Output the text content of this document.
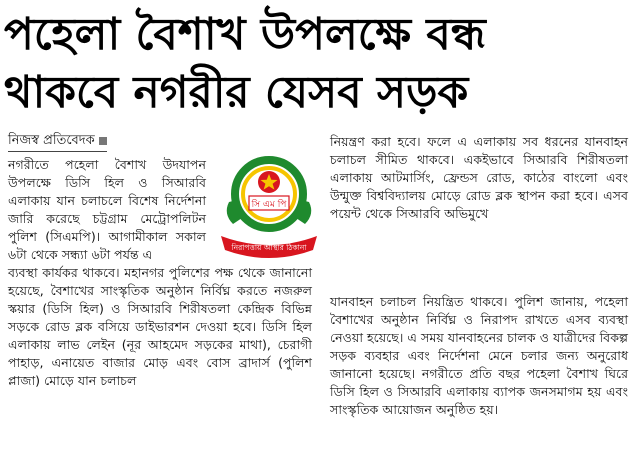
পহেলা বৈশাখ উপলক্ষে বন্ধ
থাকবে নগরীর যেসব সড়ক
নিজস্ব প্রতিবেদক
নগরীতে পহেলা বৈশাখ উদযাপন উপলক্ষে ডিসি হিল ও সিআরবি এলাকায় যান চলাচলে বিশেষ নির্দেশনা জারি করেছে চট্টগ্রাম মেট্রোপলিটন পুলিশ (সিএমপি)। আগামীকাল সকাল ৬টা থেকে সন্ধ্যা ৬টা পর্যন্ত এ
সি এম পি
নিরাপত্তায় আস্থার ঠিকানা
ব্যবস্থা কার্যকর থাকবে। মহানগর পুলিশের পক্ষ থেকে জানানো হয়েছে, বৈশাখের সাংস্কৃতিক অনুষ্ঠান নির্বিঘ্ন করতে নজরুল স্কয়ার (ডিসি হিল) ও সিআরবি শিরীষতলা কেন্দ্রিক বিভিন্ন সড়কে রোড ব্লক বসিয়ে ডাইভারশন দেওয়া হবে। ডিসি হিল এলাকায় লাভ লেইন (নূর আহমেদ সড়কের মাথা), চেরাগী পাহাড়, এনায়েত বাজার মোড় এবং বোস ব্রাদার্স (পুলিশ প্লাজা) মোড়ে যান চলাচল
নিয়ন্ত্রণ করা হবে। ফলে এ এলাকায় সব ধরনের যানবাহন চলাচল সীমিত থাকবে। একইভাবে সিআরবি শিরীষতলা এলাকায় আটমার্সিং, ফ্রেন্ডস রোড, কাঠের বাংলো এবং উন্মুক্ত বিশ্ববিদ্যালয় মোড়ে রোড ব্লক স্থাপন করা হবে। এসব পয়েন্ট থেকে সিআরবি অভিমুখে
যানবাহন চলাচল নিয়ন্ত্রিত থাকবে। পুলিশ জানায়, পহেলা বৈশাখের অনুষ্ঠান নির্বিঘ্ন ও নিরাপদ রাখতে এসব ব্যবস্থা নেওয়া হয়েছে। এ সময় যানবাহনের চালক ও যাত্রীদের বিকল্প সড়ক ব্যবহার এবং নির্দেশনা মেনে চলার জন্য অনুরোধ জানানো হয়েছে। নগরীতে প্রতি বছর পহেলা বৈশাখ ঘিরে ডিসি হিল ও সিআরবি এলাকায় ব্যাপক জনসমাগম হয় এবং সাংস্কৃতিক আয়োজন অনুষ্ঠিত হয়।
